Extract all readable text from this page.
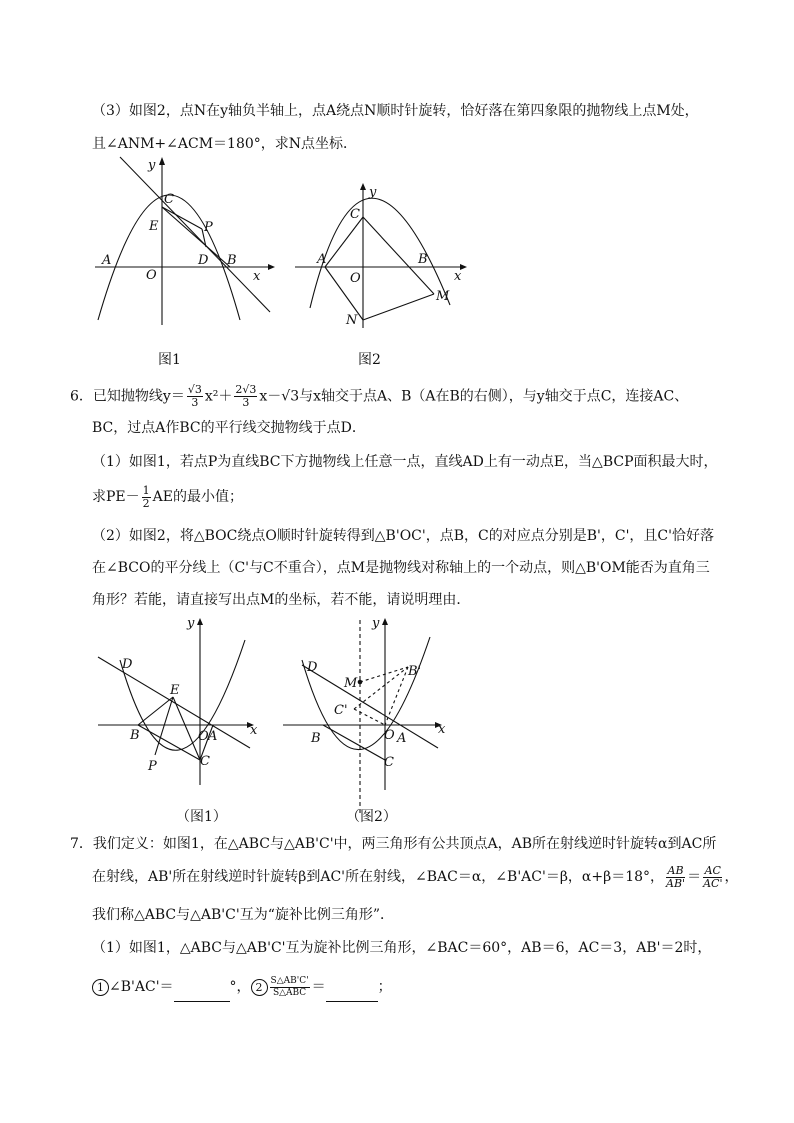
（3）如图2，点N在y轴负半轴上，点A绕点N顺时针旋转，恰好落在第四象限的抛物线上点M处，
且∠ANM+∠ACM＝180°，求N点坐标．
y
C
E	P
A
O
D B
x
图1
y
C
A
O
B
M
N
x
图2
6．已知抛物线$y= \frac{√3}{3} x^2+ \frac{2√3}{3} x-√3$与x轴交于点A、B（A在B的右侧），与y轴交于点C，连接AC、
BC，过点A作BC的平行线交抛物线于点D．
（1）如图1，若点P为直线BC下方抛物线上任意一点，直线AD上有一动点E，当△BCP面积最大时，
求$PE- \frac{1}{2}$ AE的最小值；
（2）如图2，将△BOC绕点O顺时针旋转得到△B'OC'，点B，C的对应点分别是B'，C'，且C'恰好落
在∠BCO的平分线上（C'与C不重合），点M是抛物线对称轴上的一个动点，则△B'OM能否为直角三
角形？若能，请直接写出点M的坐标，若不能，请说明理由．
y
D
E
B	O A
P	C
x
（图1）
y
D
M
B'
C'
B	O A
C
x
（图2）
7．我们定义：如图1，在△ABC与△AB'C'中，两三角形有公共顶点A，AB所在射线逆时针旋转α到AC所
在射线，AB'所在射线逆时针旋转β到AC'所在射线，∠BAC＝α，∠B'AC'＝β，α+β＝18°， $\frac{AB}{AB'} = \frac{AC}{AC'}$ ，
我们称△ABC与△AB'C'互为“旋补比例三角形”．
（1）如图1，△ABC与△AB'C'互为旋补比例三角形，∠BAC＝60°，AB＝6，AC＝3，AB'＝2时，
1 ∠B'AC'＝	°， $2 \frac{S\triangle AB'C'}{\text{S△ABC}}$ ＝	；
